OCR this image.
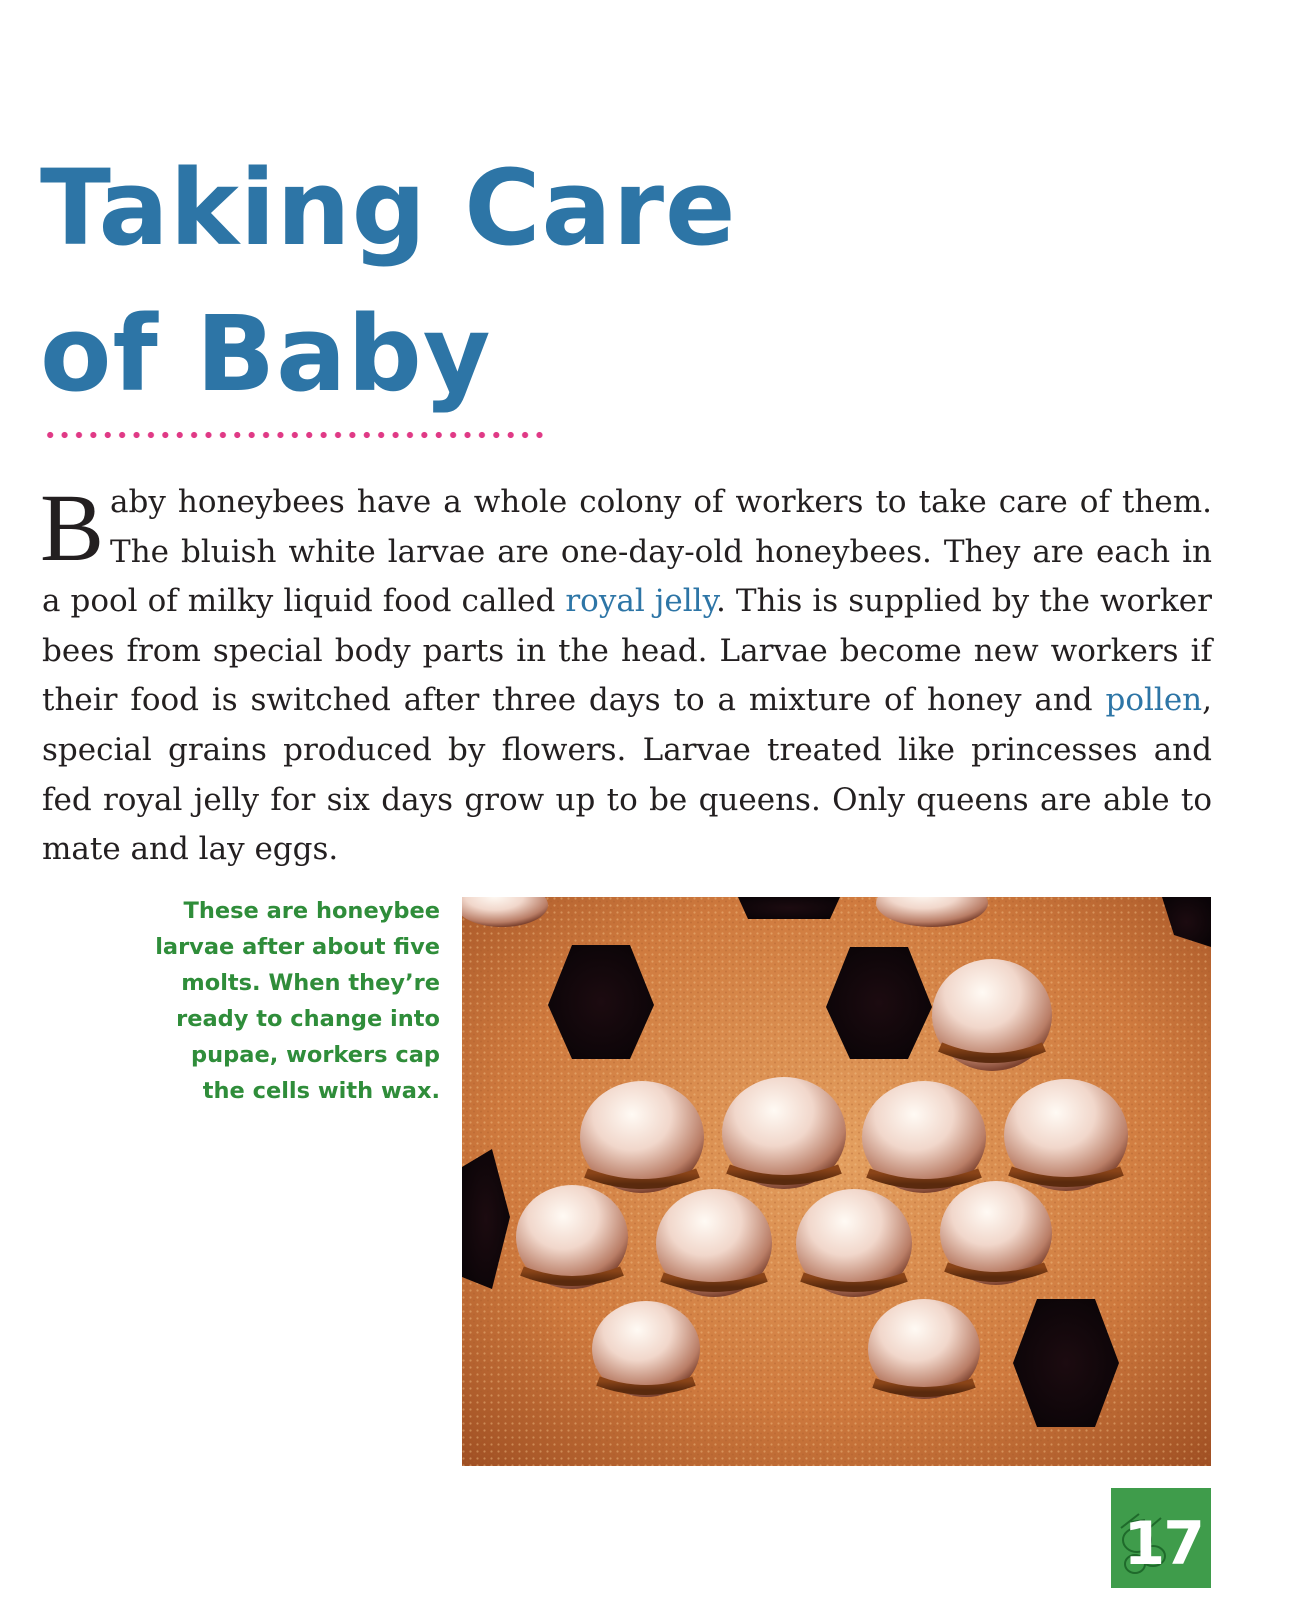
Taking Care
of Baby

Baby honeybees have a whole colony of workers to take care of them. The bluish white larvae are one-day-old honeybees. They are each in a pool of milky liquid food called royal jelly. This is supplied by the worker bees from special body parts in the head. Larvae become new workers if their food is switched after three days to a mixture of honey and pollen, special grains produced by flowers. Larvae treated like princesses and fed royal jelly for six days grow up to be queens. Only queens are able to mate and lay eggs.

These are honeybee
larvae after about five
molts. When they’re
ready to change into
pupae, workers cap
the cells with wax.

17
